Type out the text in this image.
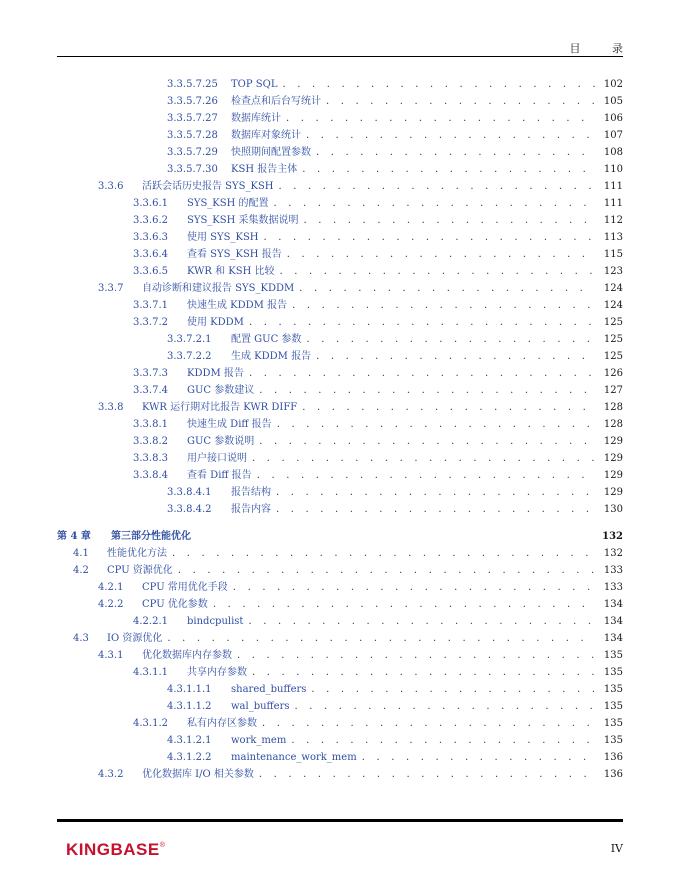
目 录
3.3.5.7.25	TOP SQL . . .	102
3.3.5.7.26	检查点和后台写统计 . . .	105
3.3.5.7.27	数据库统计 . . .	106
3.3.5.7.28	数据库对象统计 . . .	107
3.3.5.7.29	快照期间配置参数 . . .	108
3.3.5.7.30	KSH 报告主体 . . .	110
3.3.6	活跃会话历史报告 SYS_KSH . . .	111
3.3.6.1	SYS_KSH 的配置 . . .	111
3.3.6.2	SYS_KSH 采集数据说明 . . .	112
3.3.6.3	使用 SYS_KSH . . .	113
3.3.6.4	查看 SYS_KSH 报告 . . .	115
3.3.6.5	KWR 和 KSH 比较 . . .	123
3.3.7	自动诊断和建议报告 SYS_KDDM . . .	124
3.3.7.1	快速生成 KDDM 报告 . . .	124
3.3.7.2	使用 KDDM . . .	125
3.3.7.2.1	配置 GUC 参数 . . .	125
3.3.7.2.2	生成 KDDM 报告 . . .	125
3.3.7.3	KDDM 报告 . . .	126
3.3.7.4	GUC 参数建议 . . .	127
3.3.8	KWR 运行期对比报告 KWR DIFF . . .	128
3.3.8.1	快速生成 Diff 报告 . . .	128
3.3.8.2	GUC 参数说明 . . .	129
3.3.8.3	用户接口说明 . . .	129
3.3.8.4	查看 Diff 报告 . . .	129
3.3.8.4.1	报告结构 . . .	129
3.3.8.4.2	报告内容 . . .	130
第 4 章	第三部分性能优化	132
4.1	性能优化方法 . . .	132
4.2	CPU 资源优化 . . .	133
4.2.1	CPU 常用优化手段 . . .	133
4.2.2	CPU 优化参数 . . .	134
4.2.2.1	bindcpulist . . .	134
4.3	IO 资源优化 . . .	134
4.3.1	优化数据库内存参数 . . .	135
4.3.1.1	共享内存参数 . . .	135
4.3.1.1.1	shared_buffers . . .	135
4.3.1.1.2	wal_buffers . . .	135
4.3.1.2	私有内存区参数 . . .	135
4.3.1.2.1	work_mem . . .	135
4.3.1.2.2	maintenance_work_mem . . .	136
4.3.2	优化数据库 I/O 相关参数 . . .	136
KINGBASE®	IV
